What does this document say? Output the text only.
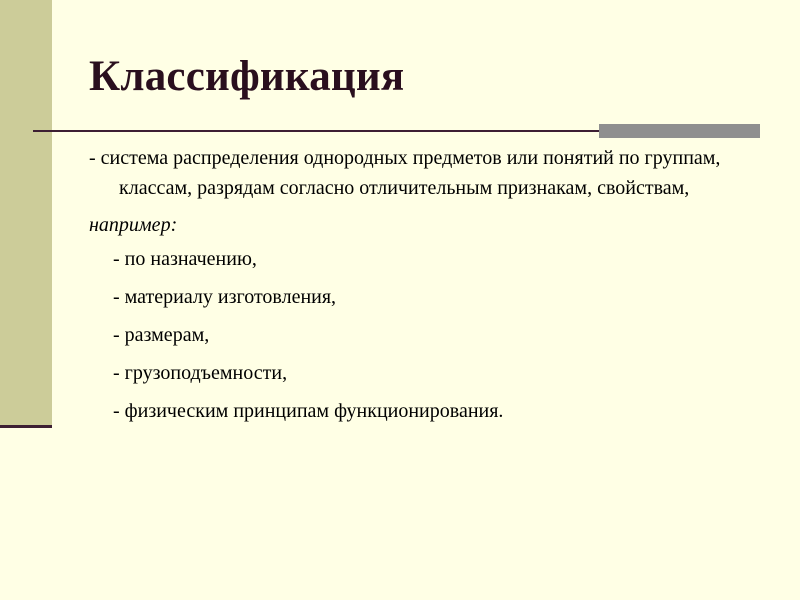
Классификация

- система распределения однородных предметов или понятий по группам, классам, разрядам согласно отличительным признакам, свойствам,

например:

- по назначению,
- материалу изготовления,
- размерам,
- грузоподъемности,
- физическим принципам функционирования.
